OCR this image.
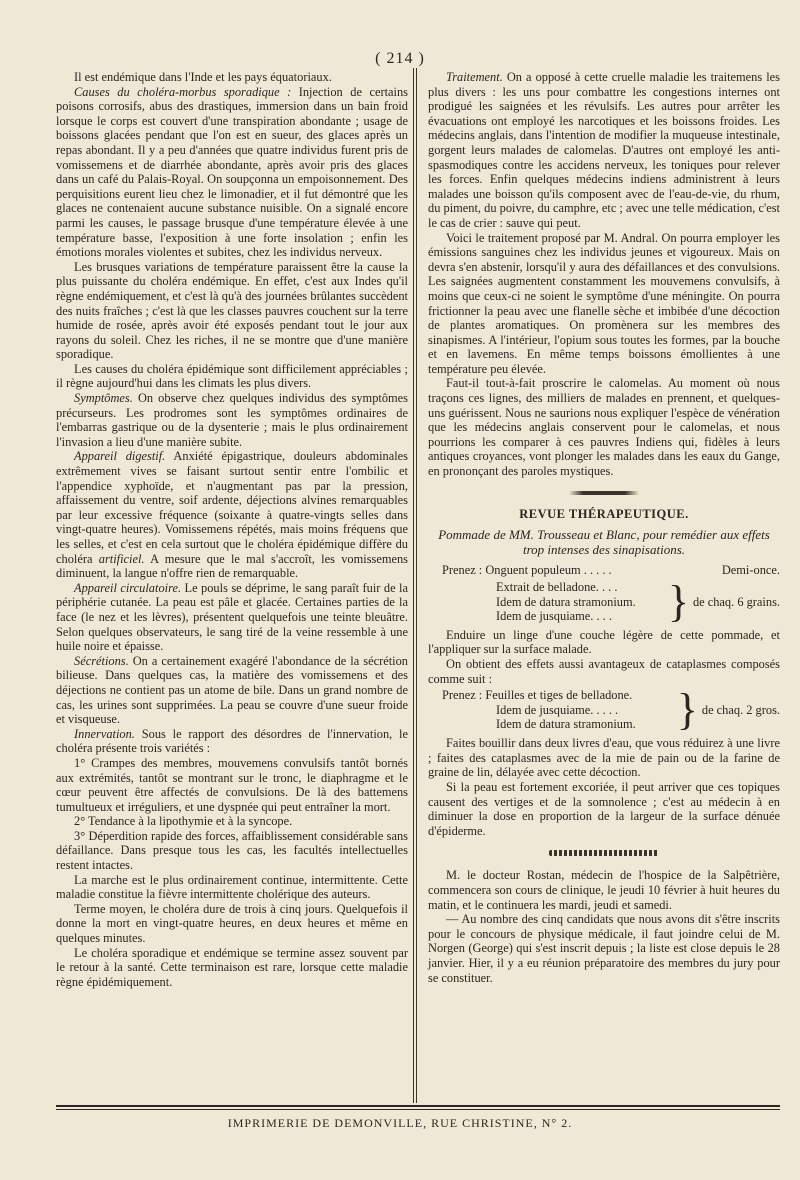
( 214 )

Il est endémique dans l'Inde et les pays équatoriaux.

Causes du choléra-morbus sporadique : Injection de certains poisons corrosifs, abus des drastiques, immersion dans un bain froid lorsque le corps est couvert d'une transpiration abondante ; usage de boissons glacées pendant que l'on est en sueur, des glaces après un repas abondant. Il y a peu d'années que quatre individus furent pris de vomissemens et de diarrhée abondante, après avoir pris des glaces dans un café du Palais-Royal. On soupçonna un empoisonnement. Des perquisitions eurent lieu chez le limonadier, et il fut démontré que les glaces ne contenaient aucune substance nuisible. On a signalé encore parmi les causes, le passage brusque d'une température élevée à une température basse, l'exposition à une forte insolation ; enfin les émotions morales violentes et subites, chez les individus nerveux.

Les brusques variations de température paraissent être la cause la plus puissante du choléra endémique. En effet, c'est aux Indes qu'il règne endémiquement, et c'est là qu'à des journées brûlantes succèdent des nuits fraîches ; c'est là que les classes pauvres couchent sur la terre humide de rosée, après avoir été exposés pendant tout le jour aux rayons du soleil. Chez les riches, il ne se montre que d'une manière sporadique.

Les causes du choléra épidémique sont difficilement appréciables ; il règne aujourd'hui dans les climats les plus divers.

Symptômes. On observe chez quelques individus des symptômes précurseurs. Les prodromes sont les symptômes ordinaires de l'embarras gastrique ou de la dysenterie ; mais le plus ordinairement l'invasion a lieu d'une manière subite.

Appareil digestif. Anxiété épigastrique, douleurs abdominales extrêmement vives se faisant surtout sentir entre l'ombilic et l'appendice xyphoïde, et n'augmentant pas par la pression, affaissement du ventre, soif ardente, déjections alvines remarquables par leur excessive fréquence (soixante à quatre-vingts selles dans vingt-quatre heures). Vomissemens répétés, mais moins fréquens que les selles, et c'est en cela surtout que le choléra épidémique diffère du choléra artificiel. A mesure que le mal s'accroît, les vomissemens diminuent, la langue n'offre rien de remarquable.

Appareil circulatoire. Le pouls se déprime, le sang paraît fuir de la périphérie cutanée. La peau est pâle et glacée. Certaines parties de la face (le nez et les lèvres), présentent quelquefois une teinte bleuâtre. Selon quelques observateurs, le sang tiré de la veine ressemble à une huile noire et épaisse.

Sécrétions. On a certainement exagéré l'abondance de la sécrétion bilieuse. Dans quelques cas, la matière des vomissemens et des déjections ne contient pas un atome de bile. Dans un grand nombre de cas, les urines sont supprimées. La peau se couvre d'une sueur froide et visqueuse.

Innervation. Sous le rapport des désordres de l'innervation, le choléra présente trois variétés :

1° Crampes des membres, mouvemens convulsifs tantôt bornés aux extrémités, tantôt se montrant sur le tronc, le diaphragme et le cœur peuvent être affectés de convulsions. De là des battemens tumultueux et irréguliers, et une dyspnée qui peut entraîner la mort.

2° Tendance à la lipothymie et à la syncope.

3° Déperdition rapide des forces, affaiblissement considérable sans défaillance. Dans presque tous les cas, les facultés intellectuelles restent intactes.

La marche est le plus ordinairement continue, intermittente. Cette maladie constitue la fièvre intermittente cholérique des auteurs.

Terme moyen, le choléra dure de trois à cinq jours. Quelquefois il donne la mort en vingt-quatre heures, en deux heures et même en quelques minutes.

Le choléra sporadique et endémique se termine assez souvent par le retour à la santé. Cette terminaison est rare, lorsque cette maladie règne épidémiquement.

Traitement. On a opposé à cette cruelle maladie les traitemens les plus divers : les uns pour combattre les congestions internes ont prodigué les saignées et les révulsifs. Les autres pour arrêter les évacuations ont employé les narcotiques et les boissons froides. Les médecins anglais, dans l'intention de modifier la muqueuse intestinale, gorgent leurs malades de calomelas. D'autres ont employé les anti-spasmodiques contre les accidens nerveux, les toniques pour relever les forces. Enfin quelques médecins indiens administrent à leurs malades une boisson qu'ils composent avec de l'eau-de-vie, du rhum, du piment, du poivre, du camphre, etc ; avec une telle médication, c'est le cas de crier : sauve qui peut.

Voici le traitement proposé par M. Andral. On pourra employer les émissions sanguines chez les individus jeunes et vigoureux. Mais on devra s'en abstenir, lorsqu'il y aura des défaillances et des convulsions. Les saignées augmentent constamment les mouvemens convulsifs, à moins que ceux-ci ne soient le symptôme d'une méningite. On pourra frictionner la peau avec une flanelle sèche et imbibée d'une décoction de plantes aromatiques. On promènera sur les membres des sinapismes. A l'intérieur, l'opium sous toutes les formes, par la bouche et en lavemens. En même temps boissons émollientes à une température peu élevée.

Faut-il tout-à-fait proscrire le calomelas. Au moment où nous traçons ces lignes, des milliers de malades en prennent, et quelques-uns guérissent. Nous ne saurions nous expliquer l'espèce de vénération que les médecins anglais conservent pour le calomelas, et nous pourrions les comparer à ces pauvres Indiens qui, fidèles à leurs antiques croyances, vont plonger les malades dans les eaux du Gange, en prononçant des paroles mystiques.

REVUE THÉRAPEUTIQUE.
Pommade de MM. Trousseau et Blanc, pour remédier aux effets trop intenses des sinapisations.
Prenez : Onguent populeum . . . . .	Demi-once.
Extrait de belladone. . . .
Idem de datura stramonium.
Idem de jusquiame. . . .	} de chaq. 6 grains.

Enduire un linge d'une couche légère de cette pommade, et l'appliquer sur la surface malade.

On obtient des effets aussi avantageux de cataplasmes composés comme suit :

Prenez : Feuilles et tiges de belladone.
Idem de jusquiame. . . . .
Idem de datura stramonium. } de chaq. 2 gros.

Faites bouillir dans deux livres d'eau, que vous réduirez à une livre ; faites des cataplasmes avec de la mie de pain ou de la farine de graine de lin, délayée avec cette décoction.

Si la peau est fortement excoriée, il peut arriver que ces topiques causent des vertiges et de la somnolence ; c'est au médecin à en diminuer la dose en proportion de la largeur de la surface dénuée d'épiderme.

M. le docteur Rostan, médecin de l'hospice de la Salpêtrière, commencera son cours de clinique, le jeudi 10 février à huit heures du matin, et le continuera les mardi, jeudi et samedi.

— Au nombre des cinq candidats que nous avons dit s'être inscrits pour le concours de physique médicale, il faut joindre celui de M. Norgen (George) qui s'est inscrit depuis ; la liste est close depuis le 28 janvier. Hier, il y a eu réunion préparatoire des membres du jury pour se constituer.

IMPRIMERIE DE DEMONVILLE, RUE CHRISTINE, N° 2.
